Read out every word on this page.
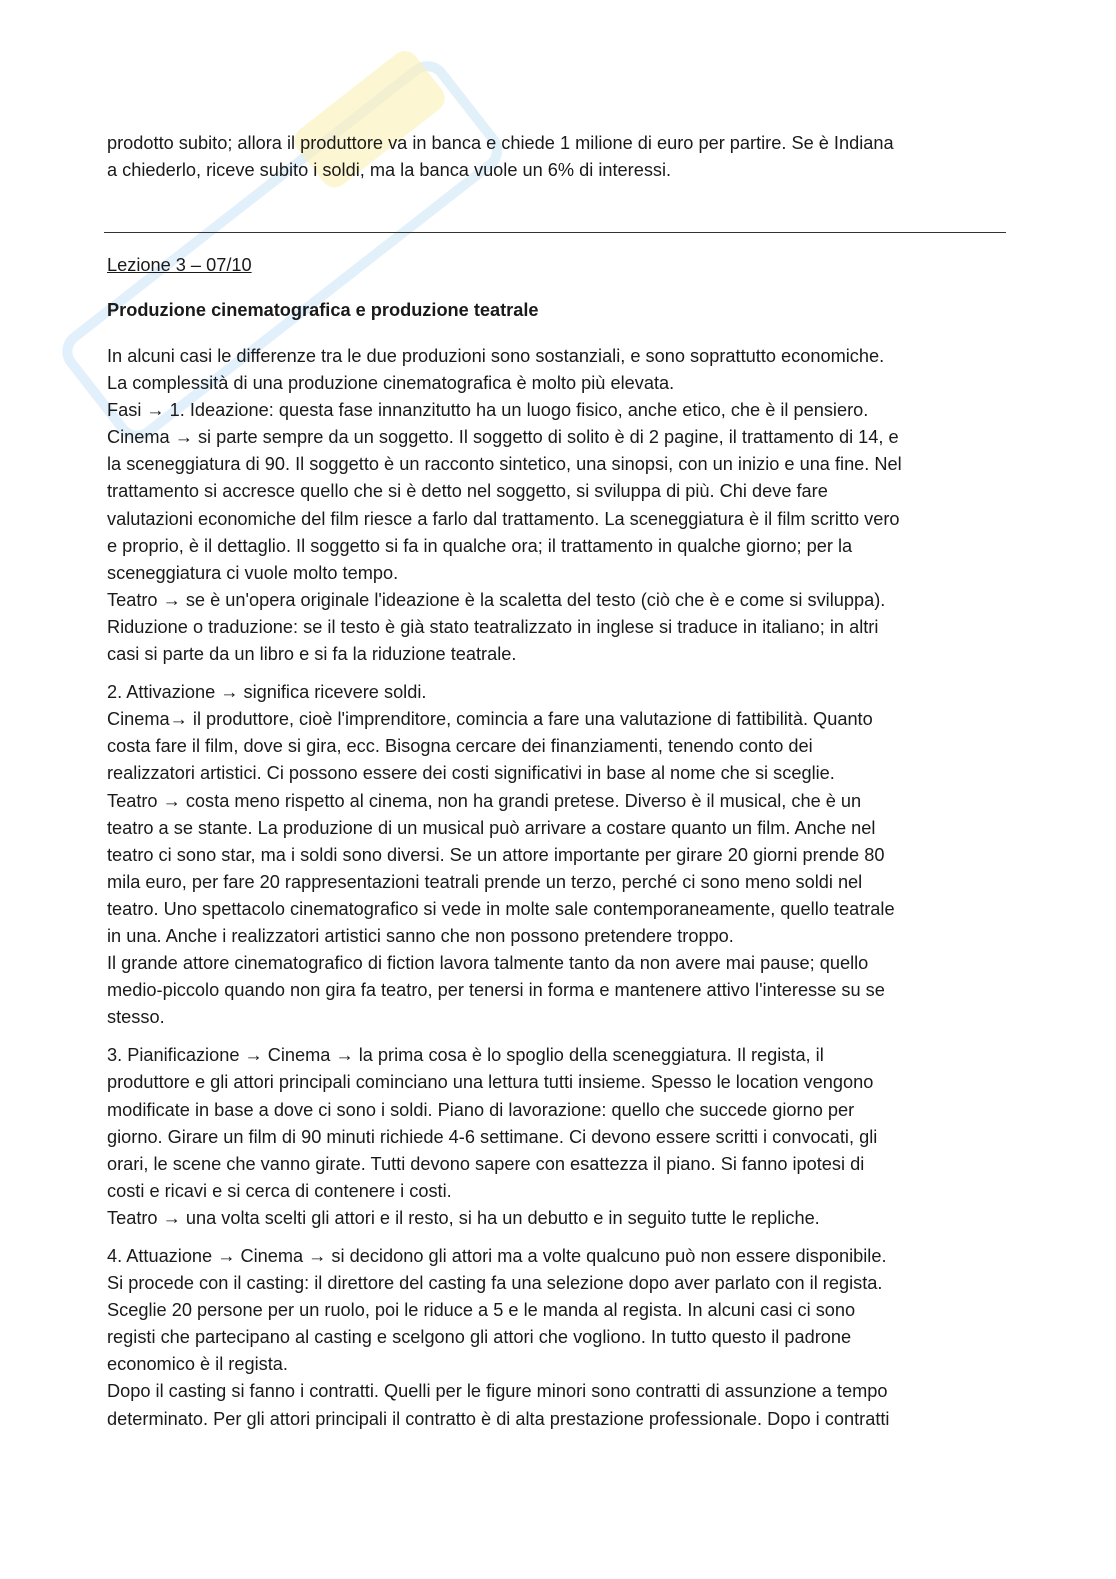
prodotto subito; allora il produttore va in banca e chiede 1 milione di euro per partire. Se è Indiana

a chiederlo, riceve subito i soldi, ma la banca vuole un 6% di interessi.

Lezione 3 – 07/10
Produzione cinematografica e produzione teatrale

In alcuni casi le differenze tra le due produzioni sono sostanziali, e sono soprattutto economiche.

La complessità di una produzione cinematografica è molto più elevata.

Fasi → 1. Ideazione: questa fase innanzitutto ha un luogo fisico, anche etico, che è il pensiero.

Cinema → si parte sempre da un soggetto. Il soggetto di solito è di 2 pagine, il trattamento di 14, e

la sceneggiatura di 90. Il soggetto è un racconto sintetico, una sinopsi, con un inizio e una fine. Nel

trattamento si accresce quello che si è detto nel soggetto, si sviluppa di più. Chi deve fare

valutazioni economiche del film riesce a farlo dal trattamento. La sceneggiatura è il film scritto vero

e proprio, è il dettaglio. Il soggetto si fa in qualche ora; il trattamento in qualche giorno; per la

sceneggiatura ci vuole molto tempo.

Teatro → se è un'opera originale l'ideazione è la scaletta del testo (ciò che è e come si sviluppa).

Riduzione o traduzione: se il testo è già stato teatralizzato in inglese si traduce in italiano; in altri

casi si parte da un libro e si fa la riduzione teatrale.

2. Attivazione → significa ricevere soldi.

Cinema→ il produttore, cioè l'imprenditore, comincia a fare una valutazione di fattibilità. Quanto

costa fare il film, dove si gira, ecc. Bisogna cercare dei finanziamenti, tenendo conto dei

realizzatori artistici. Ci possono essere dei costi significativi in base al nome che si sceglie.

Teatro → costa meno rispetto al cinema, non ha grandi pretese. Diverso è il musical, che è un

teatro a se stante. La produzione di un musical può arrivare a costare quanto un film. Anche nel

teatro ci sono star, ma i soldi sono diversi. Se un attore importante per girare 20 giorni prende 80

mila euro, per fare 20 rappresentazioni teatrali prende un terzo, perché ci sono meno soldi nel

teatro. Uno spettacolo cinematografico si vede in molte sale contemporaneamente, quello teatrale

in una. Anche i realizzatori artistici sanno che non possono pretendere troppo.

Il grande attore cinematografico di fiction lavora talmente tanto da non avere mai pause; quello

medio-piccolo quando non gira fa teatro, per tenersi in forma e mantenere attivo l'interesse su se

stesso.

3. Pianificazione → Cinema → la prima cosa è lo spoglio della sceneggiatura. Il regista, il

produttore e gli attori principali cominciano una lettura tutti insieme. Spesso le location vengono

modificate in base a dove ci sono i soldi. Piano di lavorazione: quello che succede giorno per

giorno. Girare un film di 90 minuti richiede 4-6 settimane. Ci devono essere scritti i convocati, gli

orari, le scene che vanno girate. Tutti devono sapere con esattezza il piano. Si fanno ipotesi di

costi e ricavi e si cerca di contenere i costi.

Teatro → una volta scelti gli attori e il resto, si ha un debutto e in seguito tutte le repliche.

4. Attuazione → Cinema → si decidono gli attori ma a volte qualcuno può non essere disponibile.

Si procede con il casting: il direttore del casting fa una selezione dopo aver parlato con il regista.

Sceglie 20 persone per un ruolo, poi le riduce a 5 e le manda al regista. In alcuni casi ci sono

registi che partecipano al casting e scelgono gli attori che vogliono. In tutto questo il padrone

economico è il regista.

Dopo il casting si fanno i contratti. Quelli per le figure minori sono contratti di assunzione a tempo

determinato. Per gli attori principali il contratto è di alta prestazione professionale. Dopo i contratti
